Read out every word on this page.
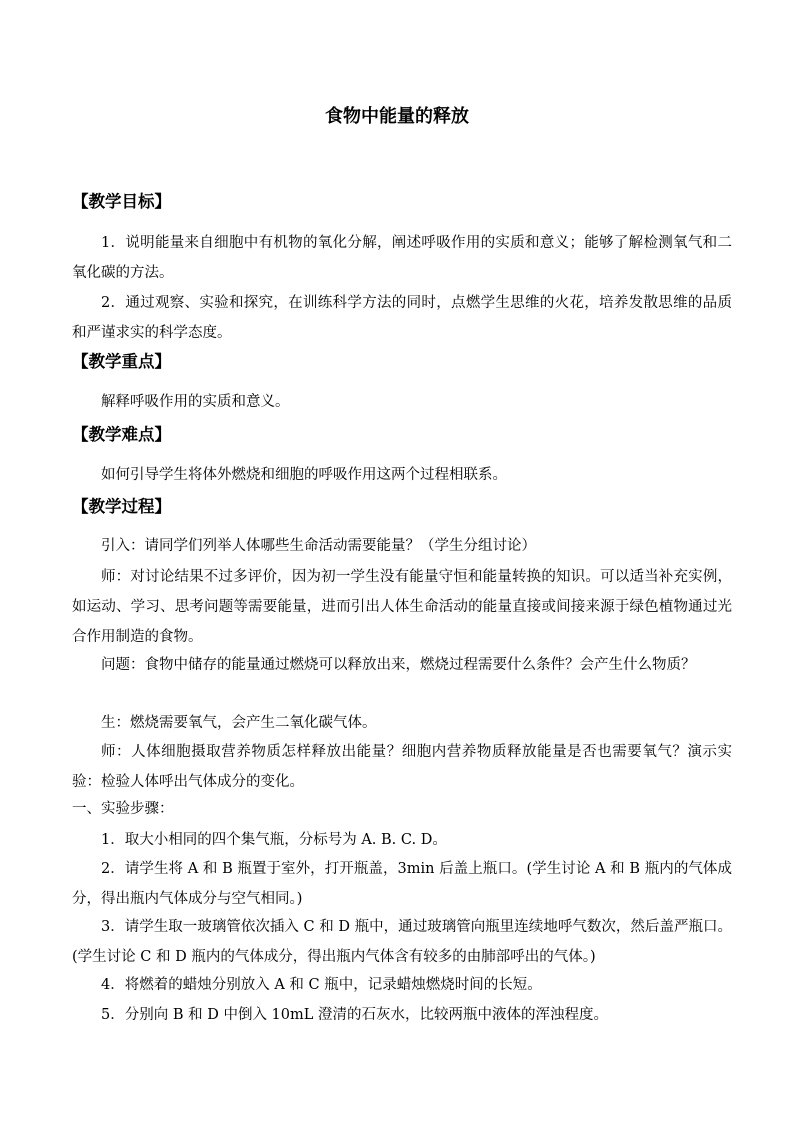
食物中能量的释放
【教学目标】
1．说明能量来自细胞中有机物的氧化分解，阐述呼吸作用的实质和意义；能够了解检测氧气和二氧化碳的方法。
2．通过观察、实验和探究，在训练科学方法的同时，点燃学生思维的火花，培养发散思维的品质和严谨求实的科学态度。
【教学重点】
解释呼吸作用的实质和意义。
【教学难点】
如何引导学生将体外燃烧和细胞的呼吸作用这两个过程相联系。
【教学过程】
引入：请同学们列举人体哪些生命活动需要能量？（学生分组讨论）
师：对讨论结果不过多评价，因为初一学生没有能量守恒和能量转换的知识。可以适当补充实例，如运动、学习、思考问题等需要能量，进而引出人体生命活动的能量直接或间接来源于绿色植物通过光合作用制造的食物。
问题：食物中储存的能量通过燃烧可以释放出来，燃烧过程需要什么条件？会产生什么物质？
生：燃烧需要氧气，会产生二氧化碳气体。
师：人体细胞摄取营养物质怎样释放出能量？细胞内营养物质释放能量是否也需要氧气？演示实验：检验人体呼出气体成分的变化。
一、实验步骤：
1．取大小相同的四个集气瓶，分标号为 A. B. C. D。
2．请学生将 A 和 B 瓶置于室外，打开瓶盖，3min 后盖上瓶口。(学生讨论 A 和 B 瓶内的气体成分，得出瓶内气体成分与空气相同。)
3．请学生取一玻璃管依次插入 C 和 D 瓶中，通过玻璃管向瓶里连续地呼气数次，然后盖严瓶口。(学生讨论 C 和 D 瓶内的气体成分，得出瓶内气体含有较多的由肺部呼出的气体。)
4．将燃着的蜡烛分别放入 A 和 C 瓶中，记录蜡烛燃烧时间的长短。
5．分别向 B 和 D 中倒入 10mL 澄清的石灰水，比较两瓶中液体的浑浊程度。
